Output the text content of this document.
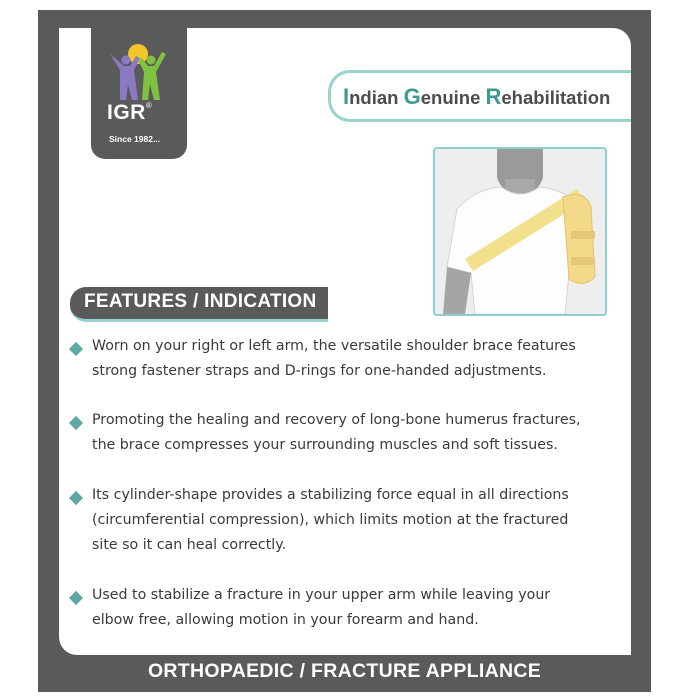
IGR®
Since 1982...
Indian Genuine Rehabilitation
FEATURES / INDICATION
Worn on your right or left arm, the versatile shoulder brace features
strong fastener straps and D-rings for one-handed adjustments.
Promoting the healing and recovery of long-bone humerus fractures,
the brace compresses your surrounding muscles and soft tissues.
Its cylinder-shape provides a stabilizing force equal in all directions
(circumferential compression), which limits motion at the fractured
site so it can heal correctly.
Used to stabilize a fracture in your upper arm while leaving your
elbow free, allowing motion in your forearm and hand.
ORTHOPAEDIC / FRACTURE APPLIANCE
